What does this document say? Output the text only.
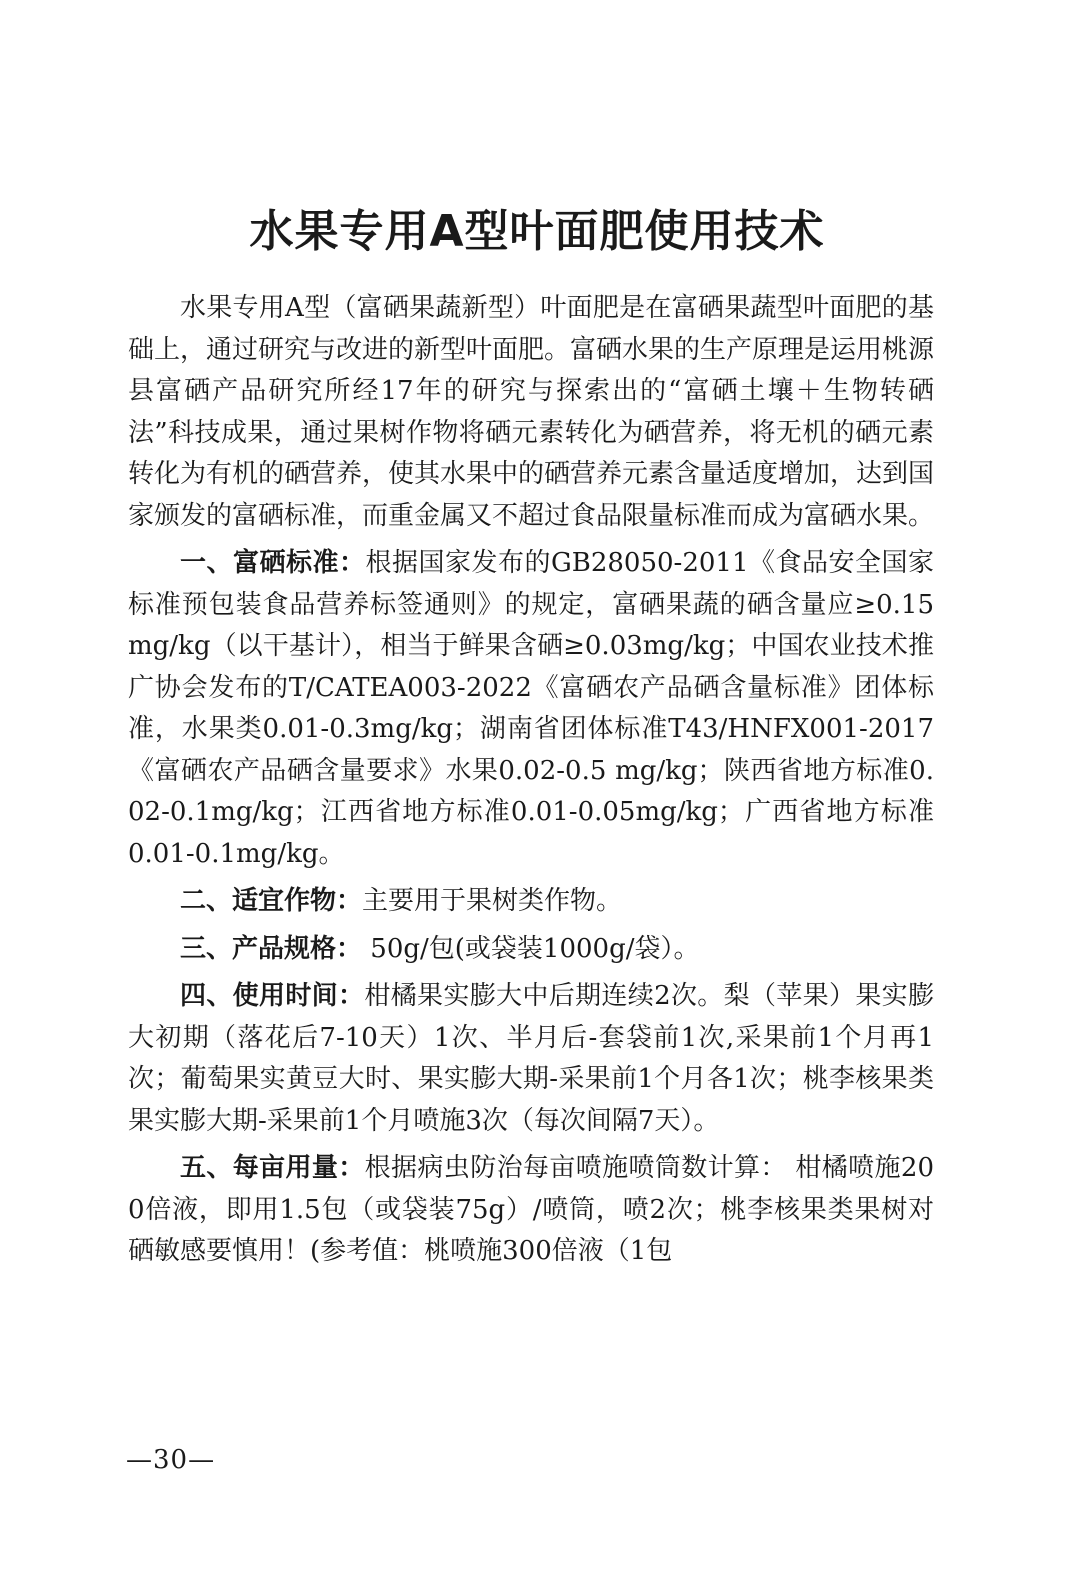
水果专用A型叶面肥使用技术

水果专用A型（富硒果蔬新型）叶面肥是在富硒果蔬型叶面肥的基础上，通过研究与改进的新型叶面肥。富硒水果的生产原理是运用桃源县富硒产品研究所经17年的研究与探索出的“富硒土壤＋生物转硒法”科技成果，通过果树作物将硒元素转化为硒营养，将无机的硒元素转化为有机的硒营养，使其水果中的硒营养元素含量适度增加，达到国家颁发的富硒标准，而重金属又不超过食品限量标准而成为富硒水果。

一、富硒标准：根据国家发布的GB28050-2011《食品安全国家标准预包装食品营养标签通则》的规定，富硒果蔬的硒含量应≥0.15mg/kg（以干基计），相当于鲜果含硒≥0.03mg/kg；中国农业技术推广协会发布的T/CATEA003-2022《富硒农产品硒含量标准》团体标准，水果类0.01-0.3mg/kg；湖南省团体标准T43/HNFX001-2017《富硒农产品硒含量要求》水果0.02-0.5 mg/kg；陕西省地方标准0.02-0.1mg/kg；江西省地方标准0.01-0.05mg/kg；广西省地方标准0.01-0.1mg/kg。

二、适宜作物：主要用于果树类作物。

三、产品规格： 50g/包(或袋装1000g/袋）。

四、使用时间：柑橘果实膨大中后期连续2次。梨（苹果）果实膨大初期（落花后7-10天）1次、半月后-套袋前1次,采果前1个月再1次；葡萄果实黄豆大时、果实膨大期-采果前1个月各1次；桃李核果类果实膨大期-采果前1个月喷施3次（每次间隔7天）。

五、每亩用量：根据病虫防治每亩喷施喷筒数计算： 柑橘喷施200倍液，即用1.5包（或袋装75g）/喷筒，喷2次；桃李核果类果树对硒敏感要慎用！(参考值：桃喷施300倍液（1包

—30—
